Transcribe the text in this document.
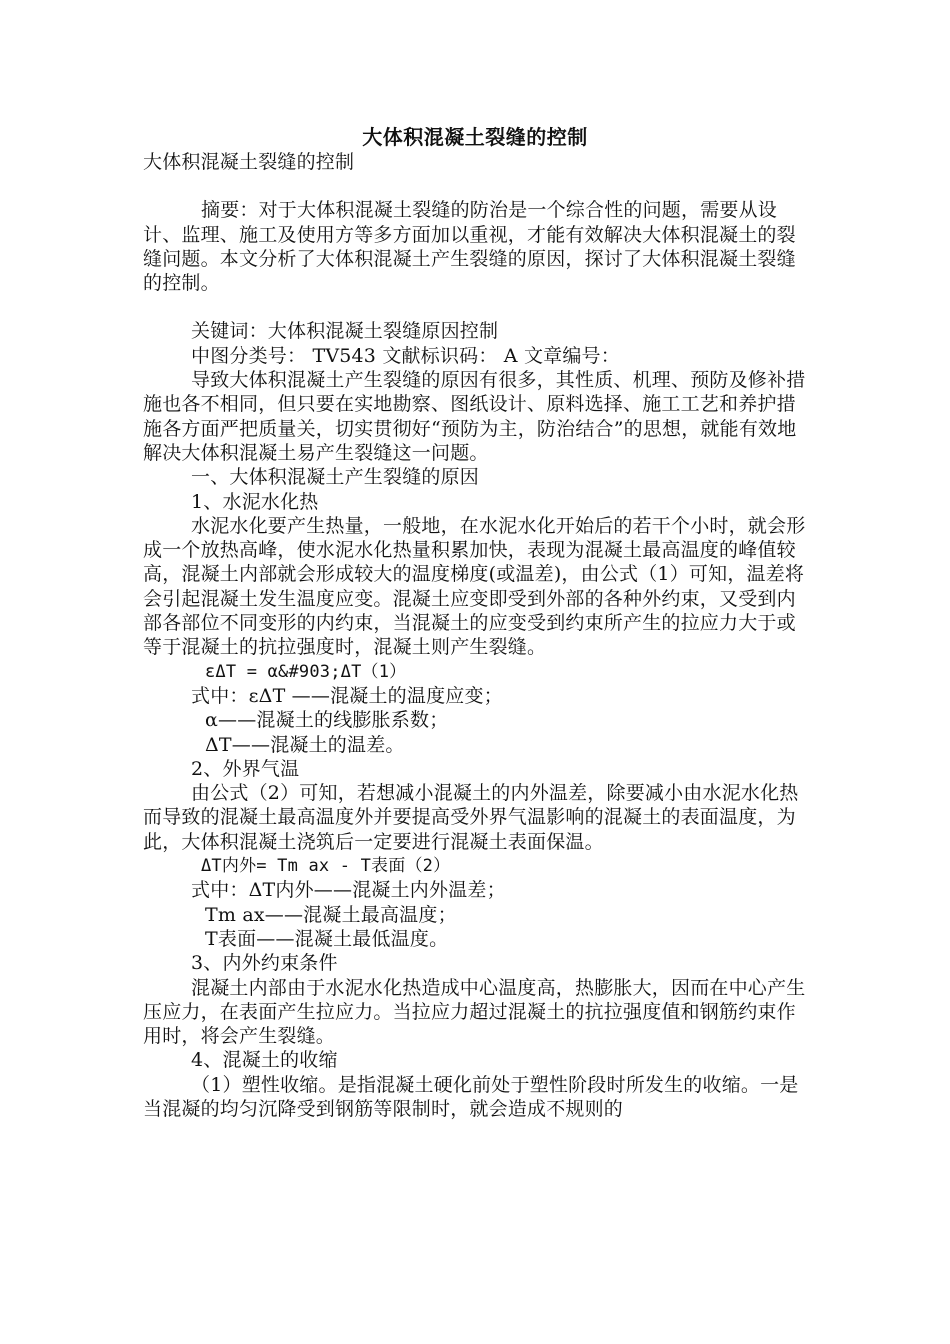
大体积混凝土裂缝的控制

大体积混凝土裂缝的控制

摘要：对于大体积混凝土裂缝的防治是一个综合性的问题，需要从设计、监理、施工及使用方等多方面加以重视，才能有效解决大体积混凝土的裂缝问题。本文分析了大体积混凝土产生裂缝的原因，探讨了大体积混凝土裂缝的控制。

关键词：大体积混凝土裂缝原因控制

中图分类号： TV543 文献标识码： A 文章编号：

导致大体积混凝土产生裂缝的原因有很多，其性质、机理、预防及修补措施也各不相同，但只要在实地勘察、图纸设计、原料选择、施工工艺和养护措施各方面严把质量关，切实贯彻好“预防为主，防治结合”的思想，就能有效地解决大体积混凝土易产生裂缝这一问题。

一、大体积混凝土产生裂缝的原因

1、水泥水化热

水泥水化要产生热量，一般地，在水泥水化开始后的若干个小时，就会形成一个放热高峰，使水泥水化热量积累加快，表现为混凝土最高温度的峰值较高，混凝土内部就会形成较大的温度梯度(或温差)，由公式（1）可知，温差将会引起混凝土发生温度应变。混凝土应变即受到外部的各种外约束，又受到内部各部位不同变形的内约束，当混凝土的应变受到约束所产生的拉应力大于或等于混凝土的抗拉强度时，混凝土则产生裂缝。

εΔT = α&#903;ΔT（1）

式中：εΔT ——混凝土的温度应变；

α——混凝土的线膨胀系数；

ΔT——混凝土的温差。

2、外界气温

由公式（2）可知，若想减小混凝土的内外温差，除要减小由水泥水化热而导致的混凝土最高温度外并要提高受外界气温影响的混凝土的表面温度，为此，大体积混凝土浇筑后一定要进行混凝土表面保温。

ΔT内外= Tm ax - T表面（2）

式中：ΔT内外——混凝土内外温差；

Tm ax——混凝土最高温度；

T表面——混凝土最低温度。

3、内外约束条件

混凝土内部由于水泥水化热造成中心温度高，热膨胀大，因而在中心产生压应力，在表面产生拉应力。当拉应力超过混凝土的抗拉强度值和钢筋约束作用时，将会产生裂缝。

4、混凝土的收缩

（1）塑性收缩。是指混凝土硬化前处于塑性阶段时所发生的收缩。一是当混凝的均匀沉降受到钢筋等限制时，就会造成不规则的
